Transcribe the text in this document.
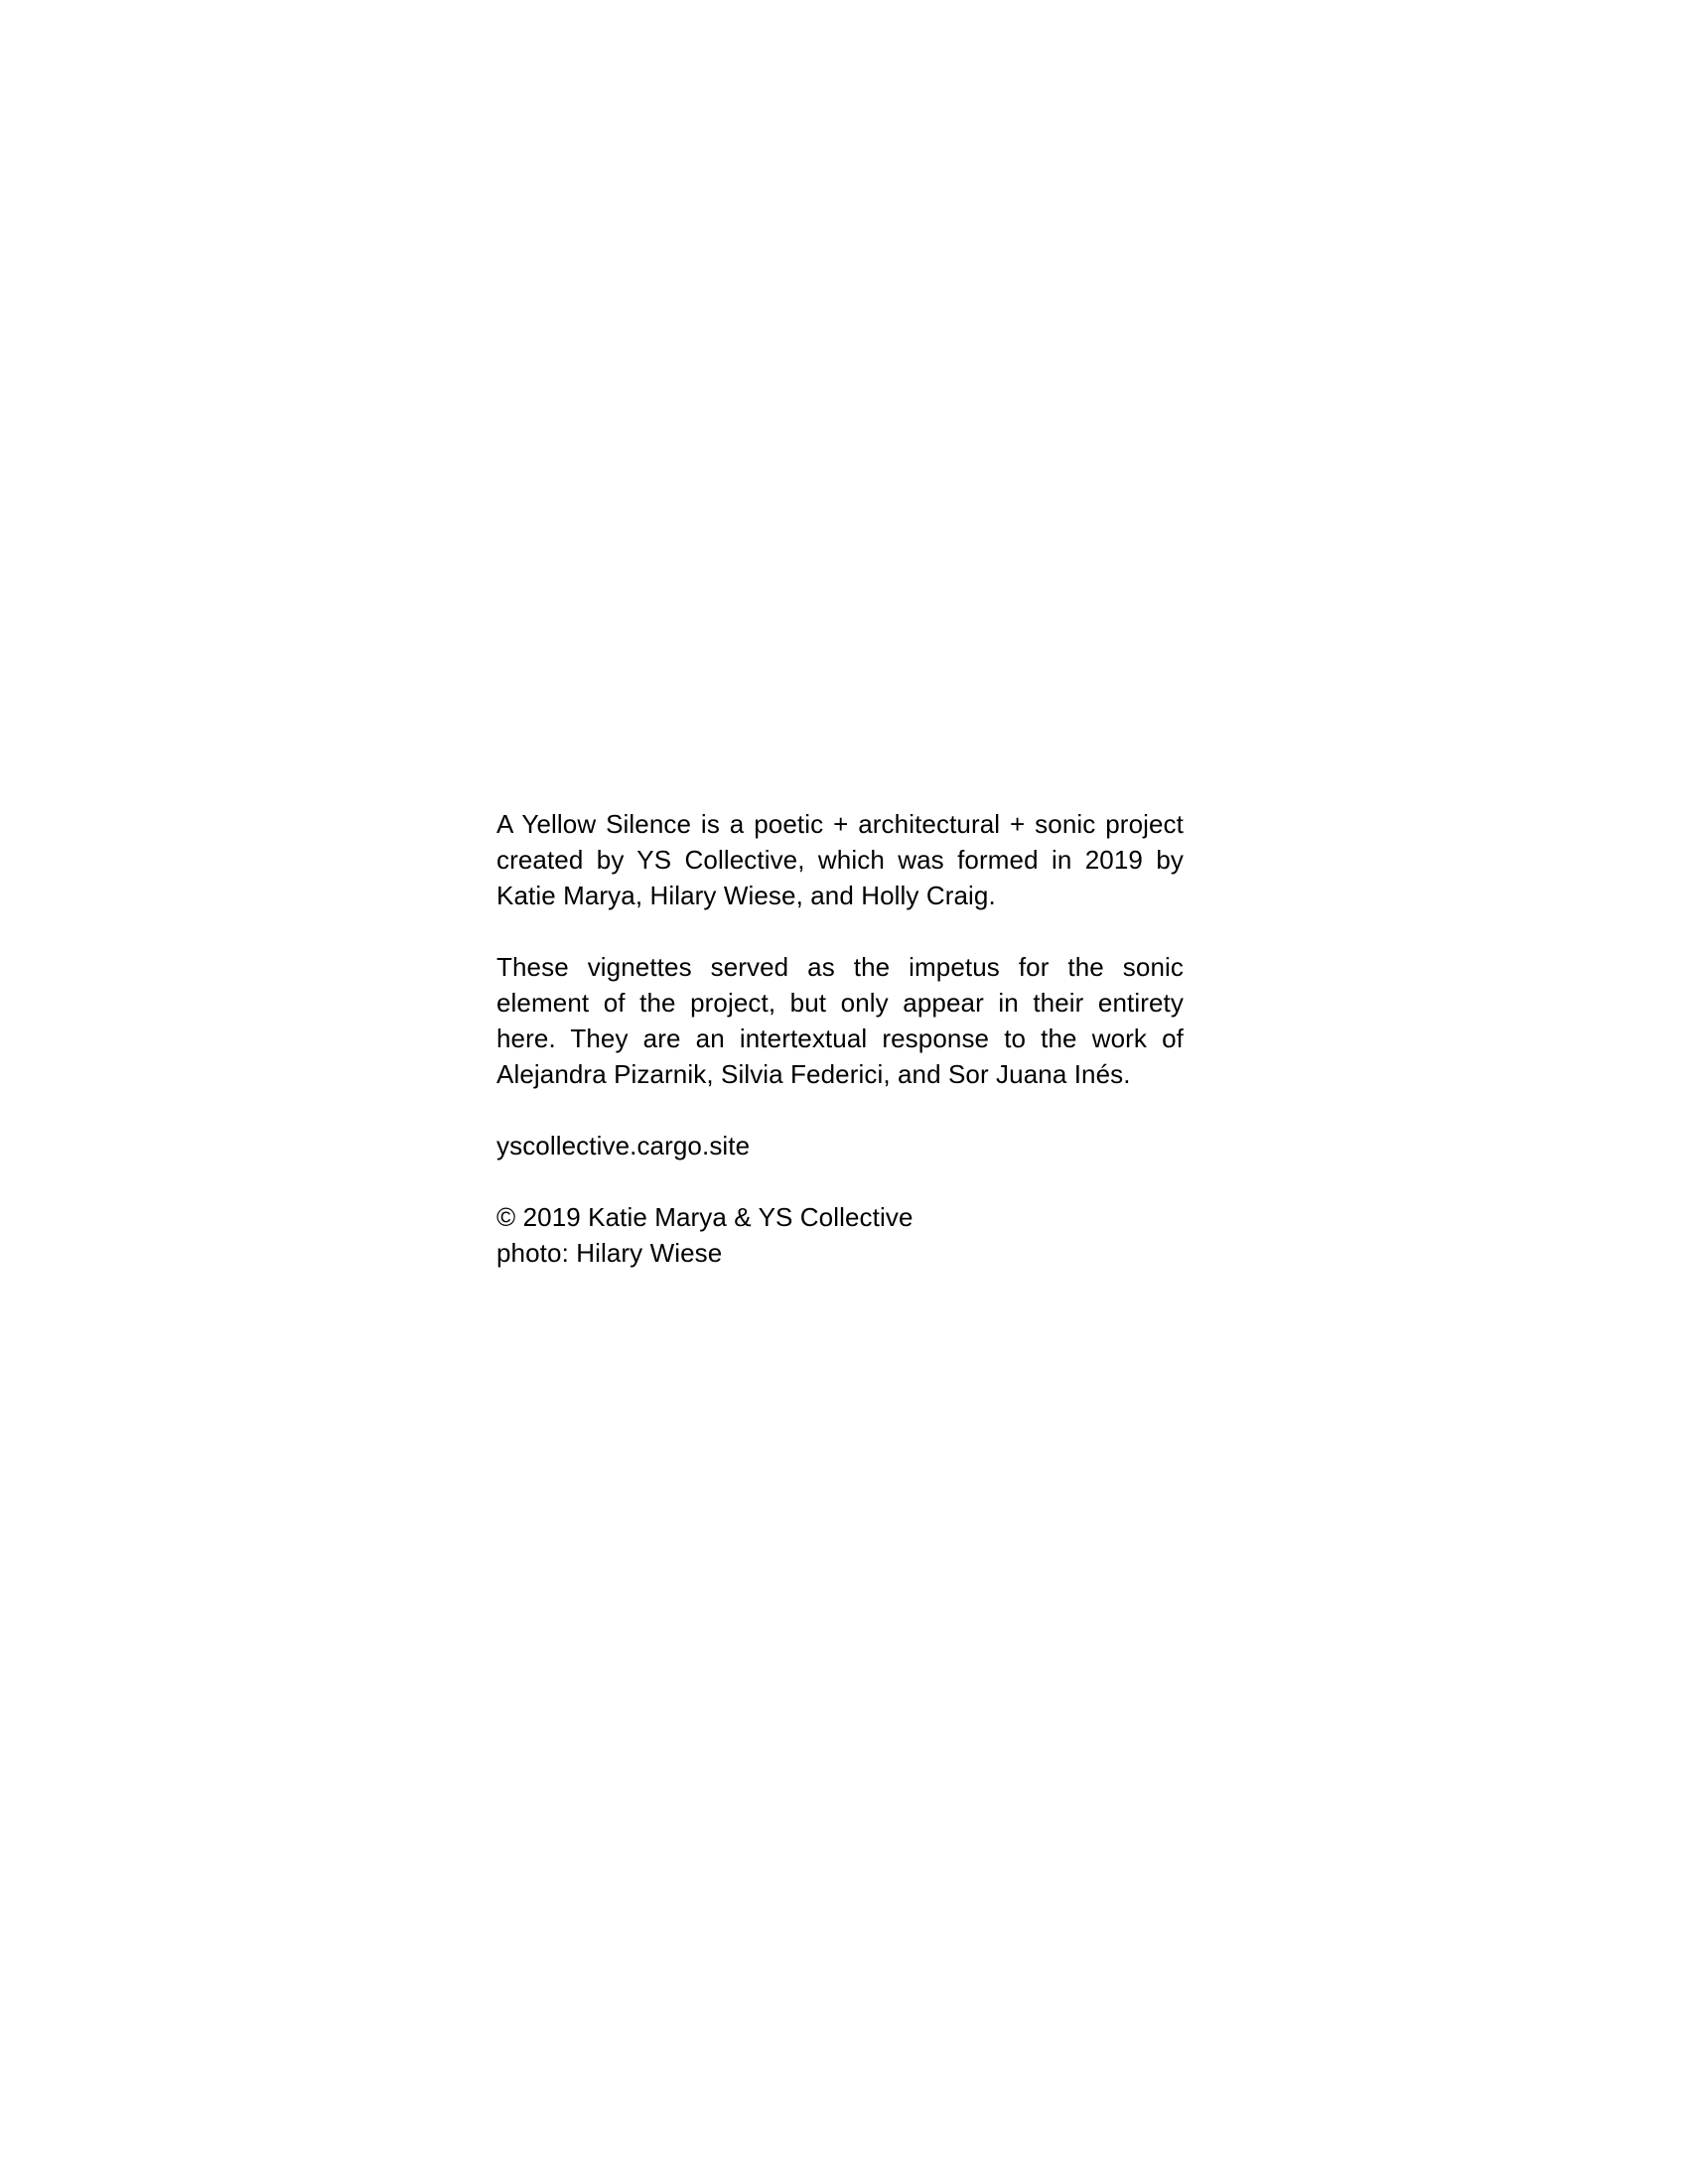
A Yellow Silence is a poetic + architectural + sonic project
created by YS Collective, which was formed in 2019 by
Katie Marya, Hilary Wiese, and Holly Craig.
These vignettes served as the impetus for the sonic
element of the project, but only appear in their entirety
here. They are an intertextual response to the work of
Alejandra Pizarnik, Silvia Federici, and Sor Juana Inés.
yscollective.cargo.site
© 2019 Katie Marya & YS Collective
photo: Hilary Wiese
